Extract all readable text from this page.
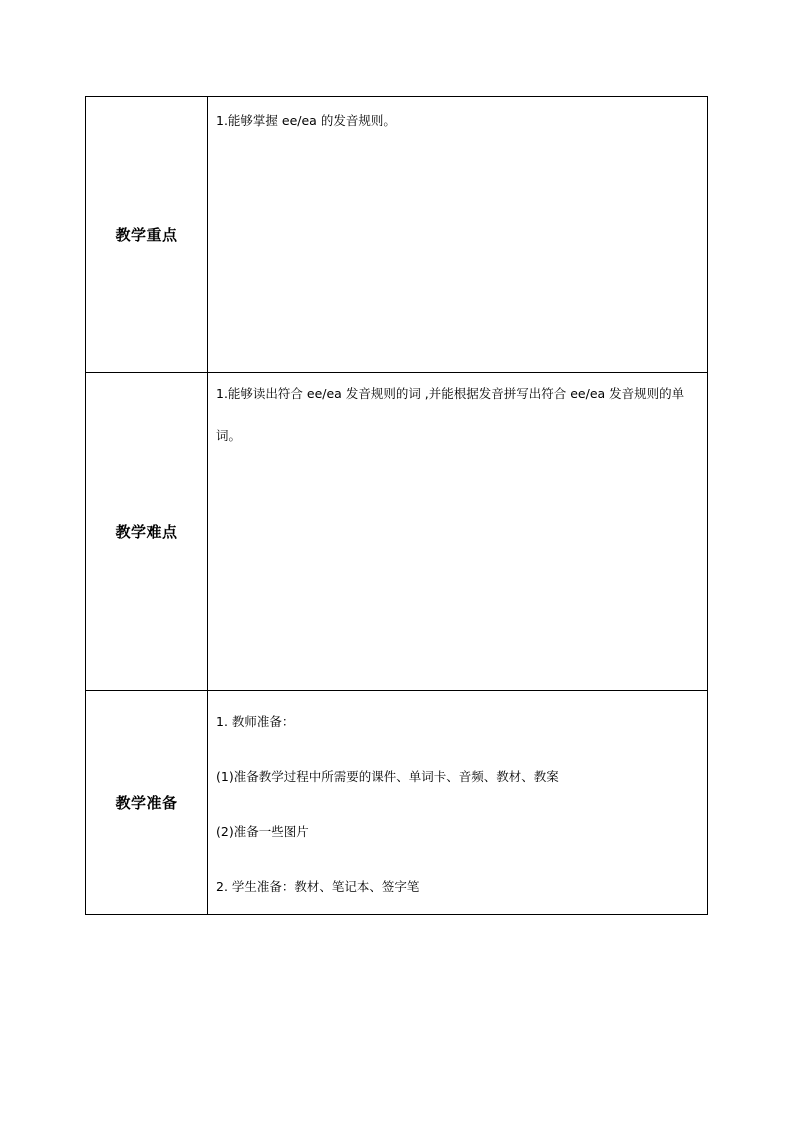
教学重点	1.能够掌握 ee/ea 的发音规则。

教学难点	1.能够读出符合 ee/ea 发音规则的词 ,并能根据发音拼写出符合 ee/ea 发音规则的单词。

教学准备	1. 教师准备：

(1)准备教学过程中所需要的课件、单词卡、音频、教材、教案

(2)准备一些图片

2. 学生准备：教材、笔记本、签字笔
